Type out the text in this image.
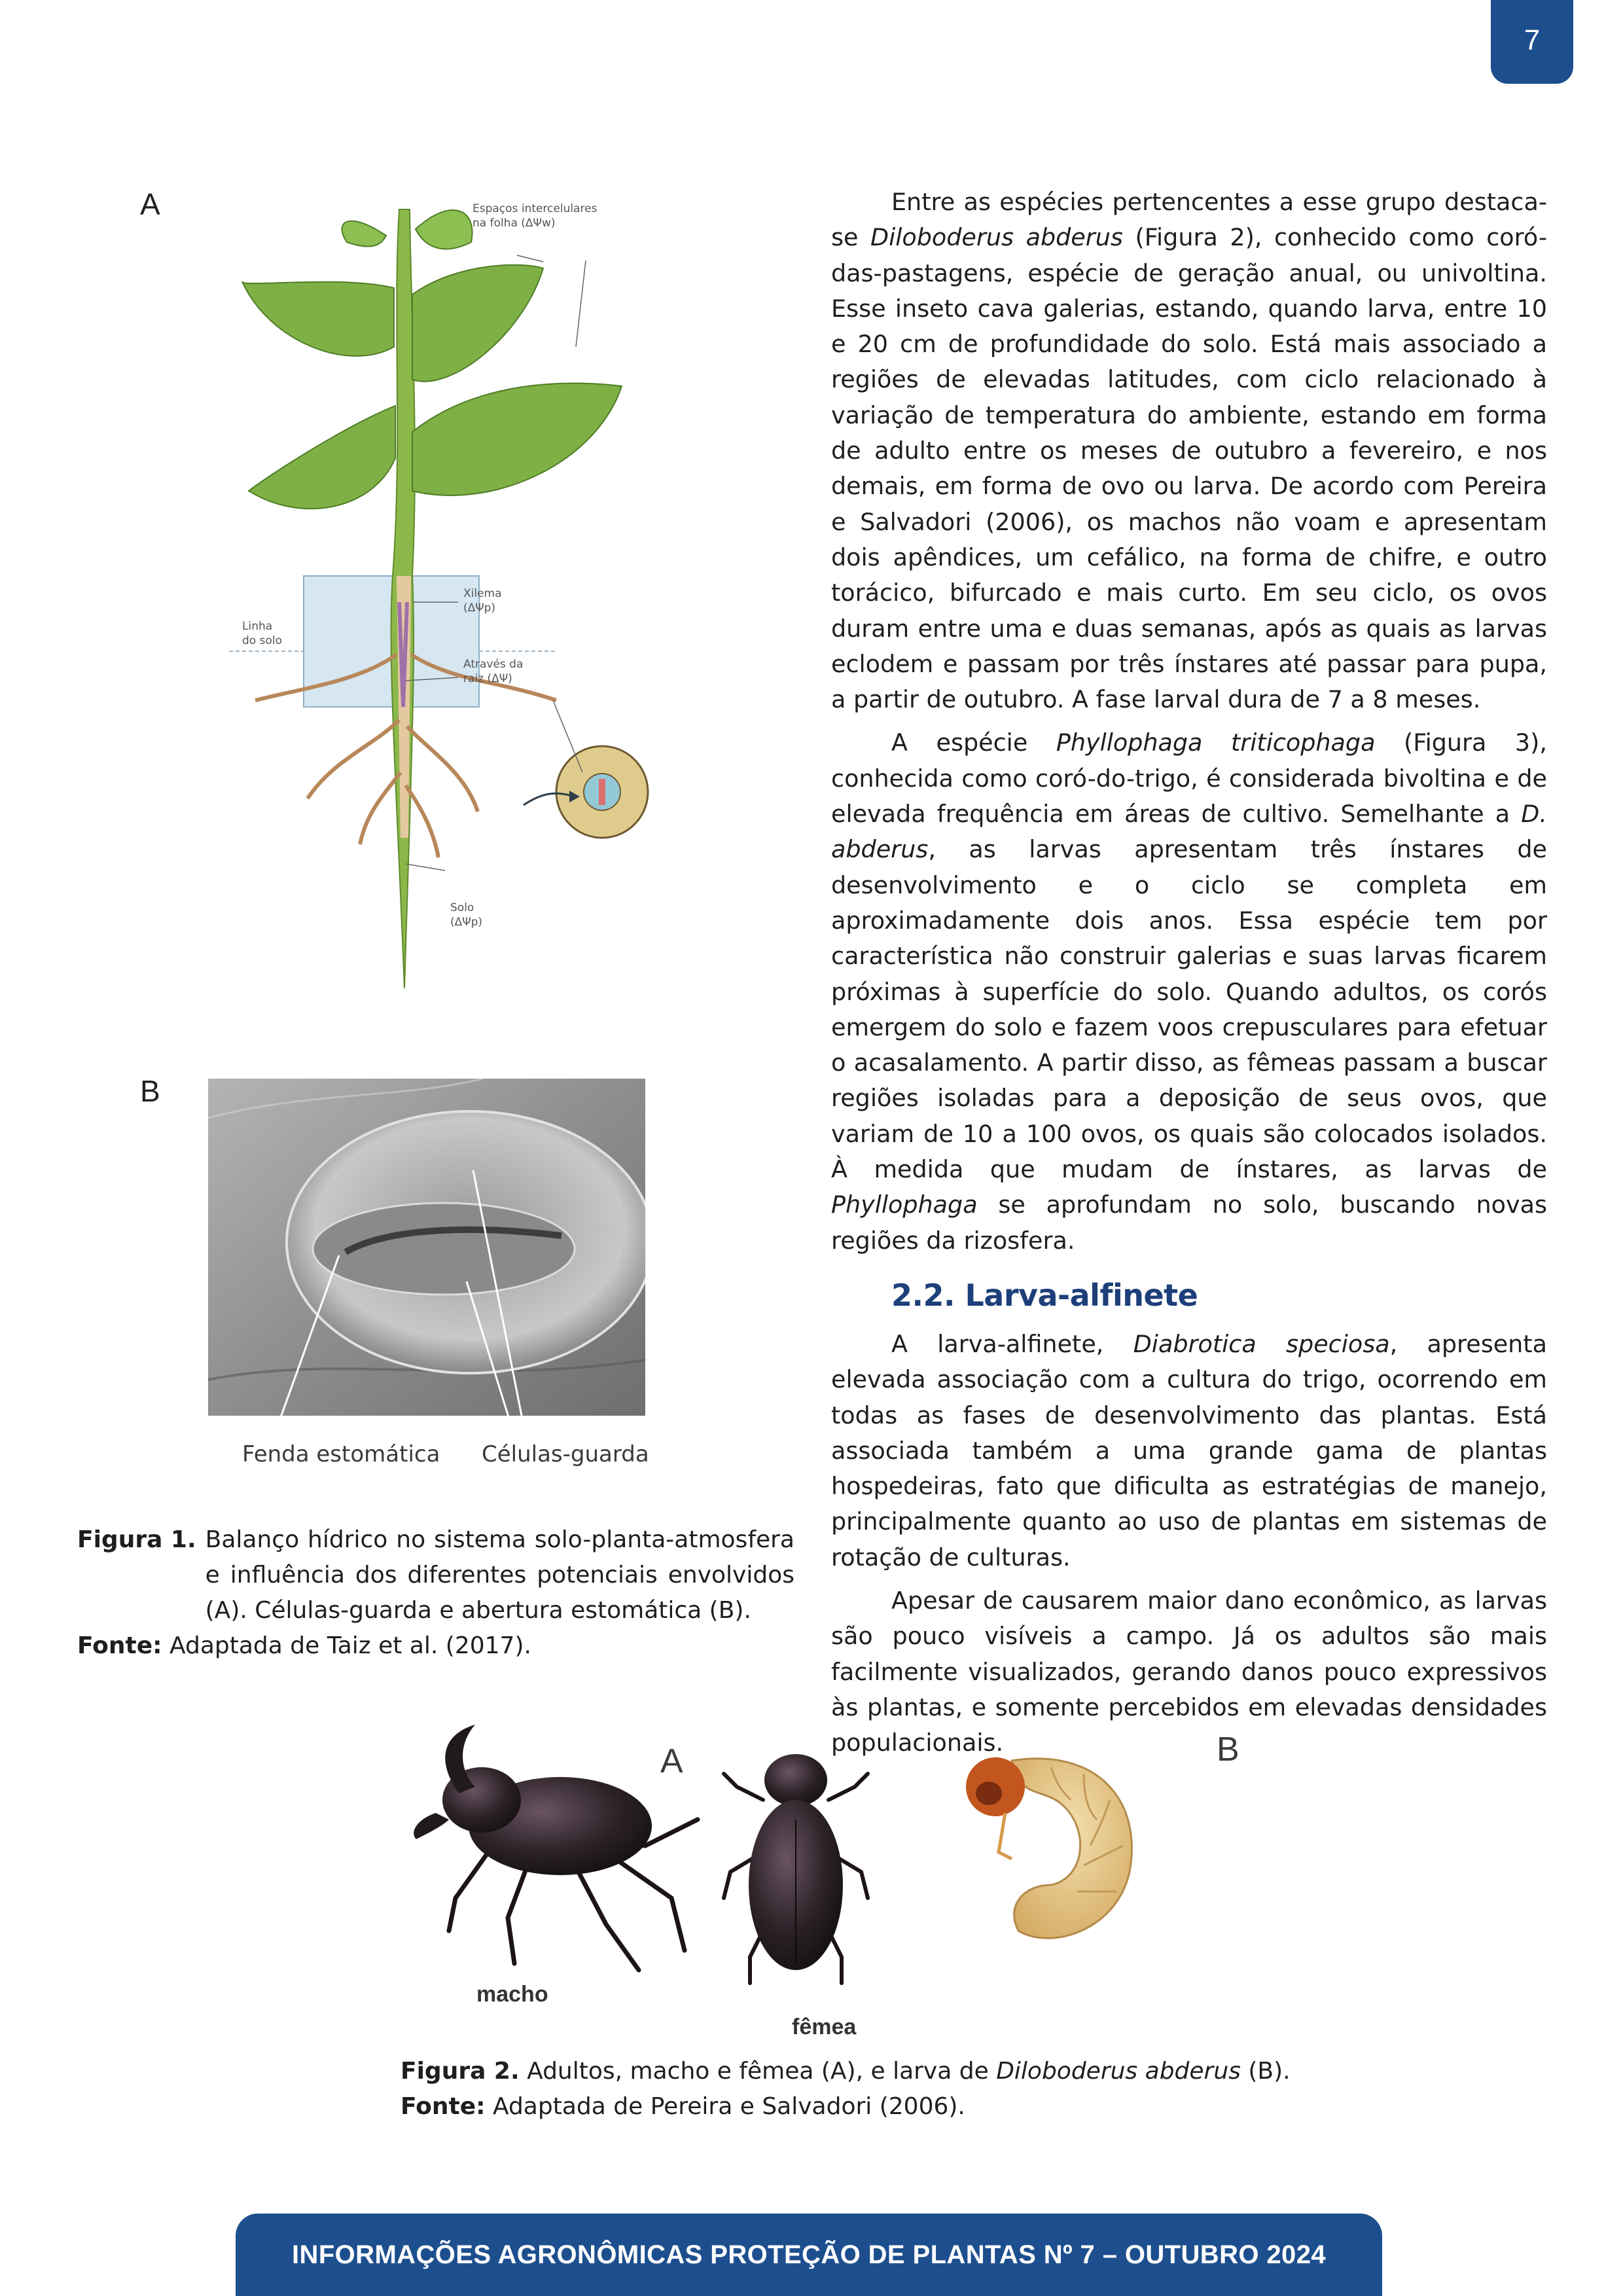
7
A	Espaços intercelulares
na folha (ΔΨw)
Xilema
(ΔΨp)
Linha
do solo
Através da
raiz (ΔΨ)
Solo
(ΔΨp)
B
Fenda estomática Células-guarda
Figura 1. Balanço hídrico no sistema solo-planta-atmosfera e influência dos diferentes potenciais envolvidos (A). Células-guarda e abertura estomática (B).
Fonte: Adaptada de Taiz et al. (2017).

Entre as espécies pertencentes a esse grupo destaca-se Diloboderus abderus (Figura 2), conhecido como coró-das-pastagens, espécie de geração anual, ou univoltina. Esse inseto cava galerias, estando, quando larva, entre 10 e 20 cm de profundidade do solo. Está mais associado a regiões de elevadas latitudes, com ciclo relacionado à variação de temperatura do ambiente, estando em forma de adulto entre os meses de outubro a fevereiro, e nos demais, em forma de ovo ou larva. De acordo com Pereira e Salvadori (2006), os machos não voam e apresentam dois apêndices, um cefálico, na forma de chifre, e outro torácico, bifurcado e mais curto. Em seu ciclo, os ovos duram entre uma e duas semanas, após as quais as larvas eclodem e passam por três ínstares até passar para pupa, a partir de outubro. A fase larval dura de 7 a 8 meses.

A espécie Phyllophaga triticophaga (Figura 3), conhecida como coró-do-trigo, é considerada bivoltina e de elevada frequência em áreas de cultivo. Semelhante a D. abderus, as larvas apresentam três ínstares de desenvolvimento e o ciclo se completa em aproximadamente dois anos. Essa espécie tem por característica não construir galerias e suas larvas ficarem próximas à superfície do solo. Quando adultos, os corós emergem do solo e fazem voos crepusculares para efetuar o acasalamento. A partir disso, as fêmeas passam a buscar regiões isoladas para a deposição de seus ovos, que variam de 10 a 100 ovos, os quais são colocados isolados. À medida que mudam de ínstares, as larvas de Phyllophaga se aprofundam no solo, buscando novas regiões da rizosfera.

2.2. Larva-alfinete

A larva-alfinete, Diabrotica speciosa, apresenta elevada associação com a cultura do trigo, ocorrendo em todas as fases de desenvolvimento das plantas. Está associada também a uma grande gama de plantas hospedeiras, fato que dificulta as estratégias de manejo, principalmente quanto ao uso de plantas em sistemas de rotação de culturas.

Apesar de causarem maior dano econômico, as larvas são pouco visíveis a campo. Já os adultos são mais facilmente visualizados, gerando danos pouco expressivos às plantas, e somente percebidos em elevadas densidades populacionais.

A	B
macho
fêmea
Figura 2. Adultos, macho e fêmea (A), e larva de Diloboderus abderus (B).
Fonte: Adaptada de Pereira e Salvadori (2006).
INFORMAÇÕES AGRONÔMICAS PROTEÇÃO DE PLANTAS Nº 7 – OUTUBRO 2024
